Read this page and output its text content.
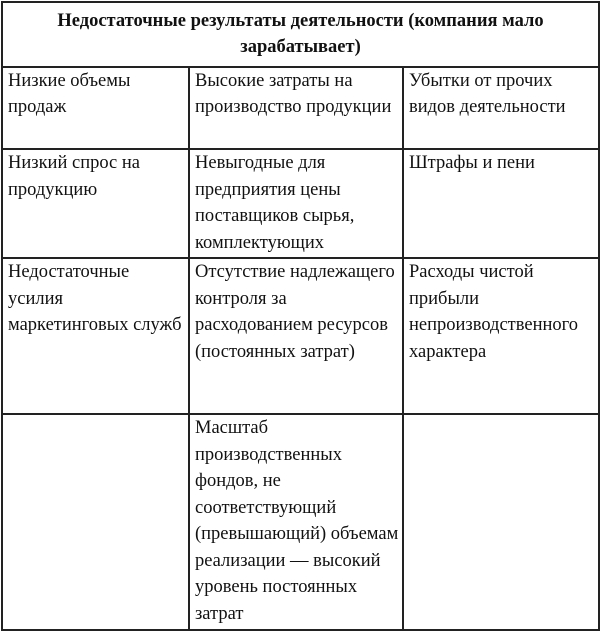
Недостаточные результаты деятельности (компания мало зарабатывает)		
Низкие объемы продаж	Высокие затраты на производство продукции	Убытки от прочих видов деятельности
Низкий спрос на продукцию	Невыгодные для предприятия цены поставщиков сырья, комплектующих	Штрафы и пени
Недостаточные усилия маркетинговых служб	Отсутствие надлежащего контроля за расходованием ресурсов (постоянных затрат)	Расходы чистой прибыли непроизводственного характера
	Масштаб производственных фондов, не соответствующий (превышающий) объемам реализации — высокий уровень постоянных затрат	
